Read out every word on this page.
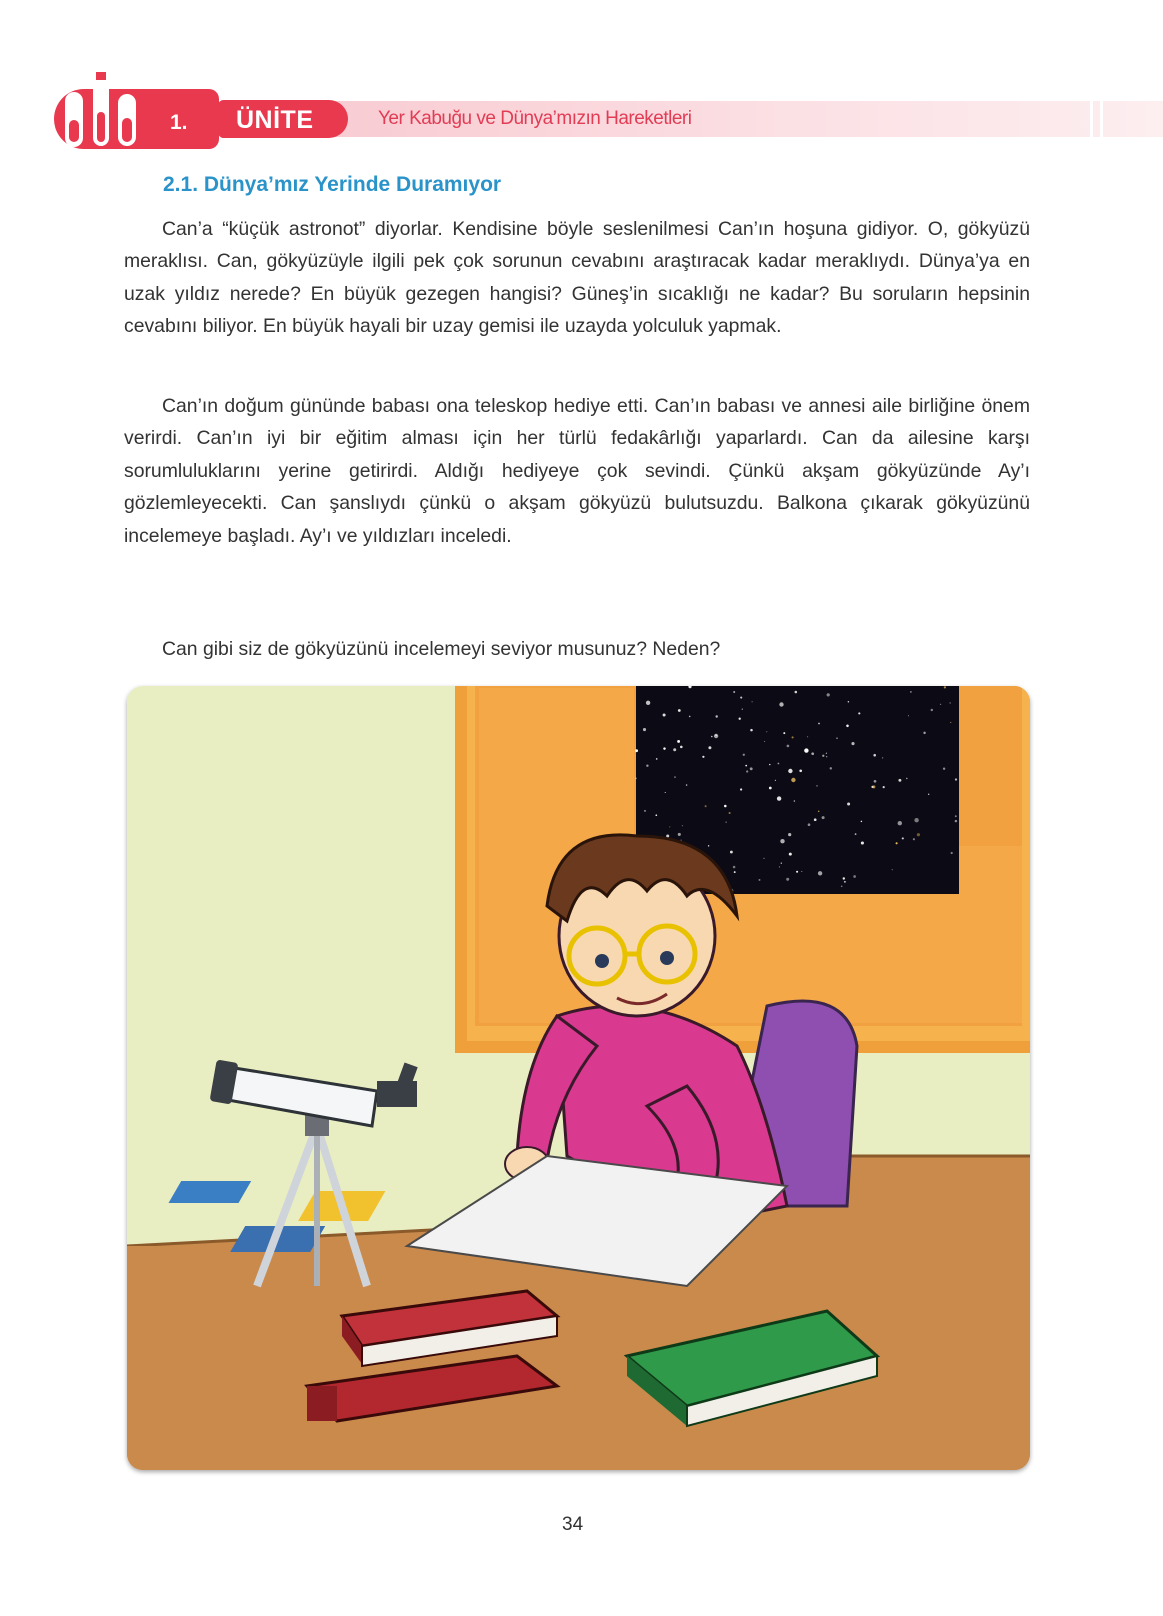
1. ÜNİTE	Yer Kabuğu ve Dünya’mızın Hareketleri
2.1. Dünya’mız Yerinde Duramıyor

Can’a “küçük astronot” diyorlar. Kendisine böyle seslenilmesi Can’ın hoşuna gidiyor. O, gökyüzü meraklısı. Can, gökyüzüyle ilgili pek çok sorunun cevabını araştıracak kadar meraklıydı. Dünya’ya en uzak yıldız nerede? En büyük gezegen hangisi? Güneş’in sıcaklığı ne kadar? Bu soruların hepsinin cevabını biliyor. En büyük hayali bir uzay gemisi ile uzayda yolculuk yapmak.

Can’ın doğum gününde babası ona teleskop hediye etti. Can’ın babası ve annesi aile birliğine önem verirdi. Can’ın iyi bir eğitim alması için her türlü fedakârlığı yaparlardı. Can da ailesine karşı sorumluluklarını yerine getirirdi. Aldığı hediyeye çok sevindi. Çünkü akşam gökyüzünde Ay’ı gözlemleyecekti. Can şanslıydı çünkü o akşam gökyüzü bulutsuzdu. Balkona çıkarak gökyüzünü incelemeye başladı. Ay’ı ve yıldızları inceledi.

Can gibi siz de gökyüzünü incelemeyi seviyor musunuz? Neden?

34
